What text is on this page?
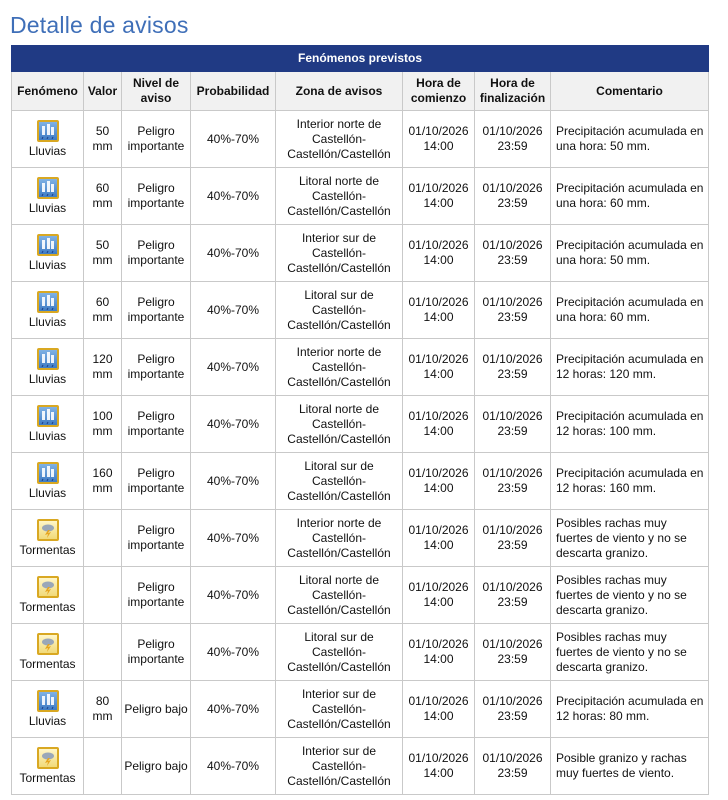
Detalle de avisos
Fenómenos previstos							
Fenómeno	Valor	Nivel de aviso	Probabilidad	Zona de avisos	Hora de comienzo	Hora de finalización	Comentario

Lluvias	50 mm	Peligro importante	40%-70%	Interior norte de Castellón-Castellón/Castellón	01/10/2026 14:00	01/10/2026 23:59	Precipitación acumulada en una hora: 50 mm.

Lluvias	60 mm	Peligro importante	40%-70%	Litoral norte de Castellón-Castellón/Castellón	01/10/2026 14:00	01/10/2026 23:59	Precipitación acumulada en una hora: 60 mm.

Lluvias	50 mm	Peligro importante	40%-70%	Interior sur de Castellón-Castellón/Castellón	01/10/2026 14:00	01/10/2026 23:59	Precipitación acumulada en una hora: 50 mm.

Lluvias	60 mm	Peligro importante	40%-70%	Litoral sur de Castellón-Castellón/Castellón	01/10/2026 14:00	01/10/2026 23:59	Precipitación acumulada en una hora: 60 mm.

Lluvias	120 mm	Peligro importante	40%-70%	Interior norte de Castellón-Castellón/Castellón	01/10/2026 14:00	01/10/2026 23:59	Precipitación acumulada en 12 horas: 120 mm.

Lluvias	100 mm	Peligro importante	40%-70%	Litoral norte de Castellón-Castellón/Castellón	01/10/2026 14:00	01/10/2026 23:59	Precipitación acumulada en 12 horas: 100 mm.

Lluvias	160 mm	Peligro importante	40%-70%	Litoral sur de Castellón-Castellón/Castellón	01/10/2026 14:00	01/10/2026 23:59	Precipitación acumulada en 12 horas: 160 mm.

Tormentas		Peligro importante	40%-70%	Interior norte de Castellón-Castellón/Castellón	01/10/2026 14:00	01/10/2026 23:59	Posibles rachas muy fuertes de viento y no se descarta granizo.

Tormentas		Peligro importante	40%-70%	Litoral norte de Castellón-Castellón/Castellón	01/10/2026 14:00	01/10/2026 23:59	Posibles rachas muy fuertes de viento y no se descarta granizo.

Tormentas		Peligro importante	40%-70%	Litoral sur de Castellón-Castellón/Castellón	01/10/2026 14:00	01/10/2026 23:59	Posibles rachas muy fuertes de viento y no se descarta granizo.

Lluvias	80 mm	Peligro bajo	40%-70%	Interior sur de Castellón-Castellón/Castellón	01/10/2026 14:00	01/10/2026 23:59	Precipitación acumulada en 12 horas: 80 mm.

Tormentas		Peligro bajo	40%-70%	Interior sur de Castellón-Castellón/Castellón	01/10/2026 14:00	01/10/2026 23:59	Posible granizo y rachas muy fuertes de viento.
